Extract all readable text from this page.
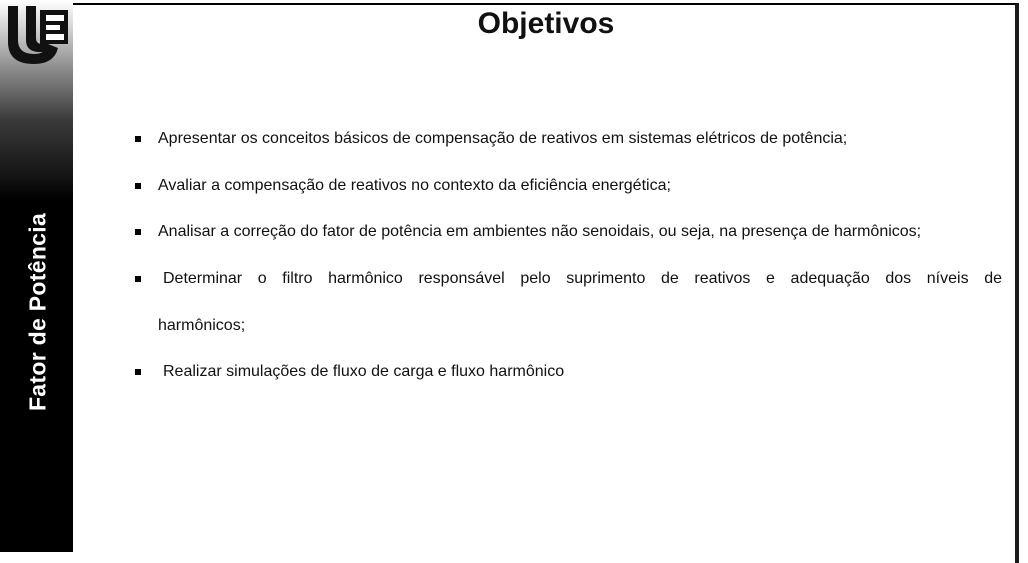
Fator de Potência
Objetivos
Apresentar os conceitos básicos de compensação de reativos em sistemas elétricos de potência;
Avaliar a compensação de reativos no contexto da eficiência energética;
Analisar a correção do fator de potência em ambientes não senoidais, ou seja, na presença de harmônicos;
Determinar o filtro harmônico responsável pelo suprimento de reativos e adequação dos níveis de
harmônicos;
Realizar simulações de fluxo de carga e fluxo harmônico
